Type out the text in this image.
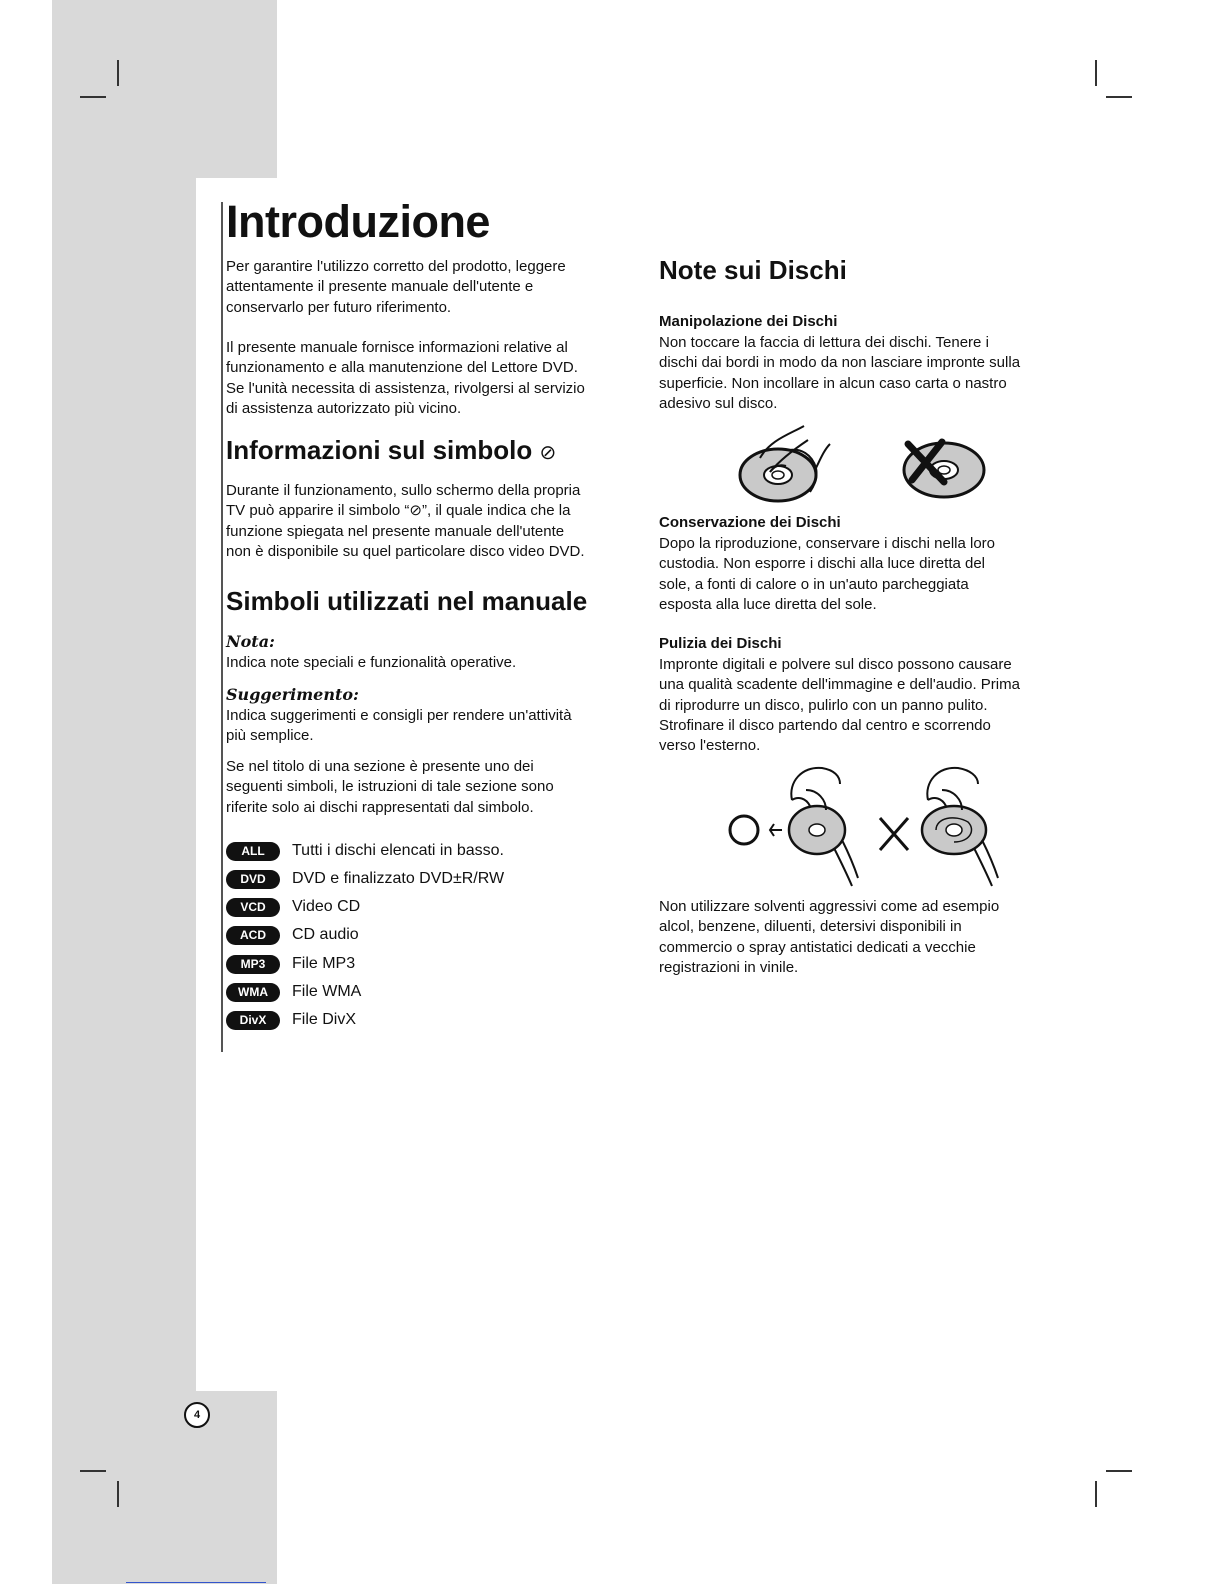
Introduzione

Per garantire l'utilizzo corretto del prodotto, leggere
attentamente il presente manuale dell'utente e
conservarlo per futuro riferimento.

Il presente manuale fornisce informazioni relative al
funzionamento e alla manutenzione del Lettore DVD.
Se l'unità necessita di assistenza, rivolgersi al servizio
di assistenza autorizzato più vicino.

Informazioni sul simbolo ⊘

Durante il funzionamento, sullo schermo della propria
TV può apparire il simbolo “⊘”, il quale indica che la
funzione spiegata nel presente manuale dell'utente
non è disponibile su quel particolare disco video DVD.

Simboli utilizzati nel manuale
Nota:

Indica note speciali e funzionalità operative.

Suggerimento:

Indica suggerimenti e consigli per rendere un'attività
più semplice.

Se nel titolo di una sezione è presente uno dei
seguenti simboli, le istruzioni di tale sezione sono
riferite solo ai dischi rappresentati dal simbolo.

ALL	Tutti i dischi elencati in basso.
DVD	DVD e finalizzato DVD±R/RW
VCD	Video CD
ACD	CD audio
MP3	File MP3
WMA	File WMA
DivX	File DivX
Note sui Dischi
Manipolazione dei Dischi

Non toccare la faccia di lettura dei dischi. Tenere i
dischi dai bordi in modo da non lasciare impronte sulla
superficie. Non incollare in alcun caso carta o nastro
adesivo sul disco.

Conservazione dei Dischi

Dopo la riproduzione, conservare i dischi nella loro
custodia. Non esporre i dischi alla luce diretta del
sole, a fonti di calore o in un'auto parcheggiata
esposta alla luce diretta del sole.

Pulizia dei Dischi

Impronte digitali e polvere sul disco possono causare
una qualità scadente dell'immagine e dell'audio. Prima
di riprodurre un disco, pulirlo con un panno pulito.
Strofinare il disco partendo dal centro e scorrendo
verso l'esterno.

Non utilizzare solventi aggressivi come ad esempio
alcol, benzene, diluenti, detersivi disponibili in
commercio o spray antistatici dedicati a vecchie
registrazioni in vinile.

4
